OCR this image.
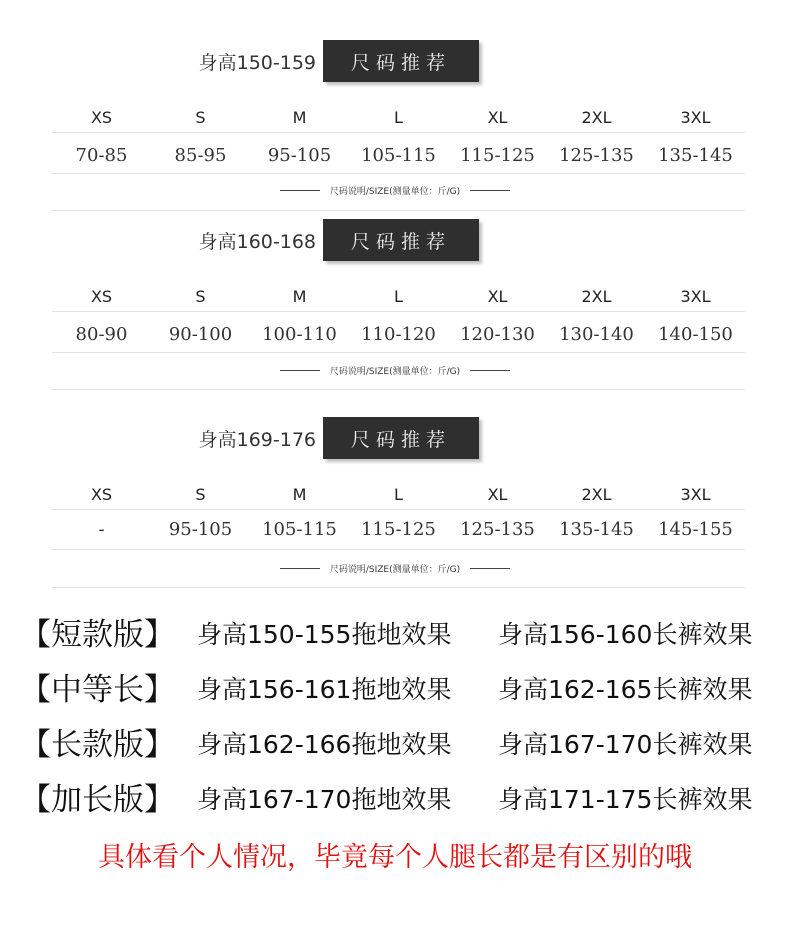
身高150-159	尺码推荐
XS	S	M	L	XL	2XL	3XL
70-85	85-95	95-105	105-115	115-125	125-135	135-145
尺码说明/SIZE(测量单位：斤/G)
身高160-168	尺码推荐
XS	S	M	L	XL	2XL	3XL
80-90	90-100	100-110	110-120	120-130	130-140	140-150
尺码说明/SIZE(测量单位：斤/G)
身高169-176	尺码推荐
XS	S	M	L	XL	2XL	3XL
-	95-105	105-115	115-125	125-135	135-145	145-155
尺码说明/SIZE(测量单位：斤/G)
【短款版】 身高150-155拖地效果 身高156-160长裤效果
【中等长】 身高156-161拖地效果 身高162-165长裤效果
【长款版】 身高162-166拖地效果 身高167-170长裤效果
【加长版】 身高167-170拖地效果 身高171-175长裤效果
具体看个人情况，毕竟每个人腿长都是有区别的哦
